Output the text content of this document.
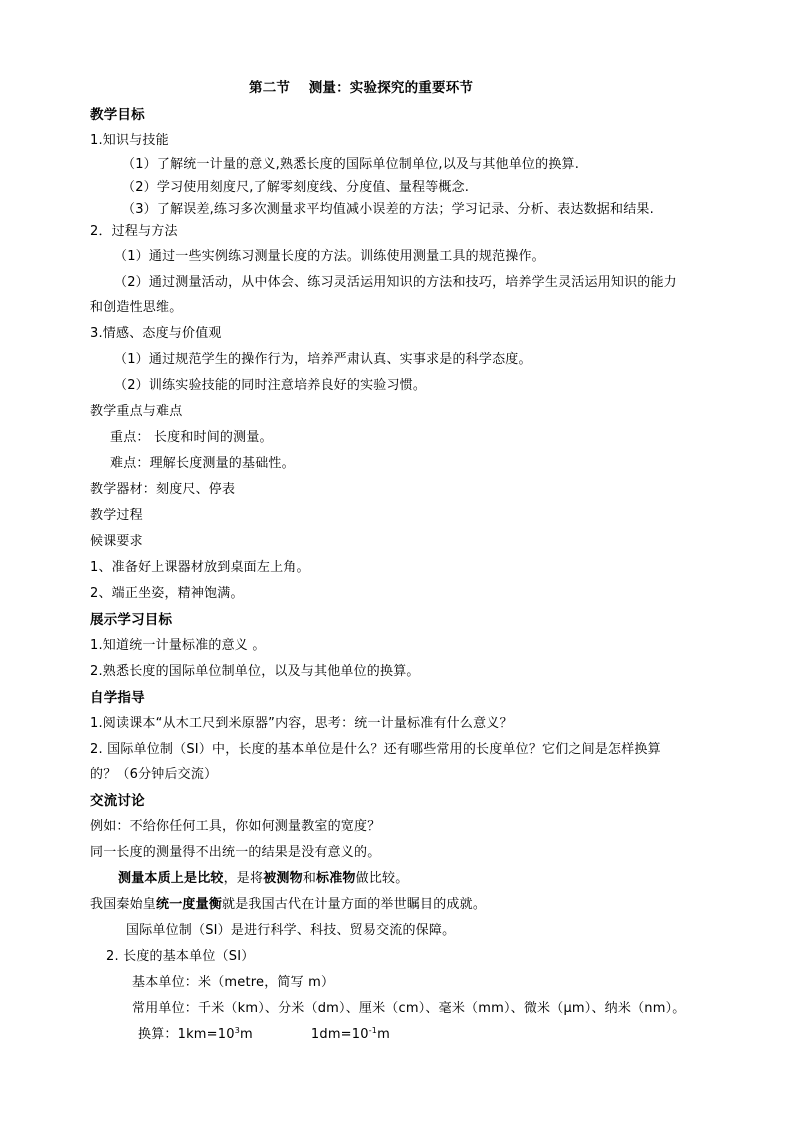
第二节　 测量：实验探究的重要环节
教学目标
1.知识与技能
（1）了解统一计量的意义,熟悉长度的国际单位制单位,以及与其他单位的换算.
（2）学习使用刻度尺,了解零刻度线、分度值、量程等概念.
（3）了解误差,练习多次测量求平均值减小误差的方法；学习记录、分析、表达数据和结果.
2．过程与方法
（1）通过一些实例练习测量长度的方法。训练使用测量工具的规范操作。
（2）通过测量活动，从中体会、练习灵活运用知识的方法和技巧，培养学生灵活运用知识的能力
和创造性思维。
3.情感、态度与价值观
（1）通过规范学生的操作行为，培养严肃认真、实事求是的科学态度。
（2）训练实验技能的同时注意培养良好的实验习惯。
教学重点与难点
重点： 长度和时间的测量。
难点：理解长度测量的基础性。
教学器材：刻度尺、停表
教学过程
候课要求
1、准备好上课器材放到桌面左上角。
2、端正坐姿，精神饱满。
展示学习目标
1.知道统一计量标准的意义 。
2.熟悉长度的国际单位制单位，以及与其他单位的换算。
自学指导
1.阅读课本“从木工尺到米原器”内容，思考：统一计量标准有什么意义？
2. 国际单位制（SI）中，长度的基本单位是什么？还有哪些常用的长度单位？它们之间是怎样换算
的？（6分钟后交流）
交流讨论
例如：不给你任何工具，你如何测量教室的宽度？
同一长度的测量得不出统一的结果是没有意义的。
测量本质上是比较，是将被测物和标准物做比较。
我国秦始皇统一度量衡就是我国古代在计量方面的举世瞩目的成就。
国际单位制（SI）是进行科学、科技、贸易交流的保障。
2. 长度的基本单位（SI）
基本单位：米（metre，简写 m）
常用单位：千米（km）、分米（dm）、厘米（cm）、毫米（mm）、微米（μm）、纳米（nm）。
换算：$1km=10^3m$	$1dm=10^{-1}m$
